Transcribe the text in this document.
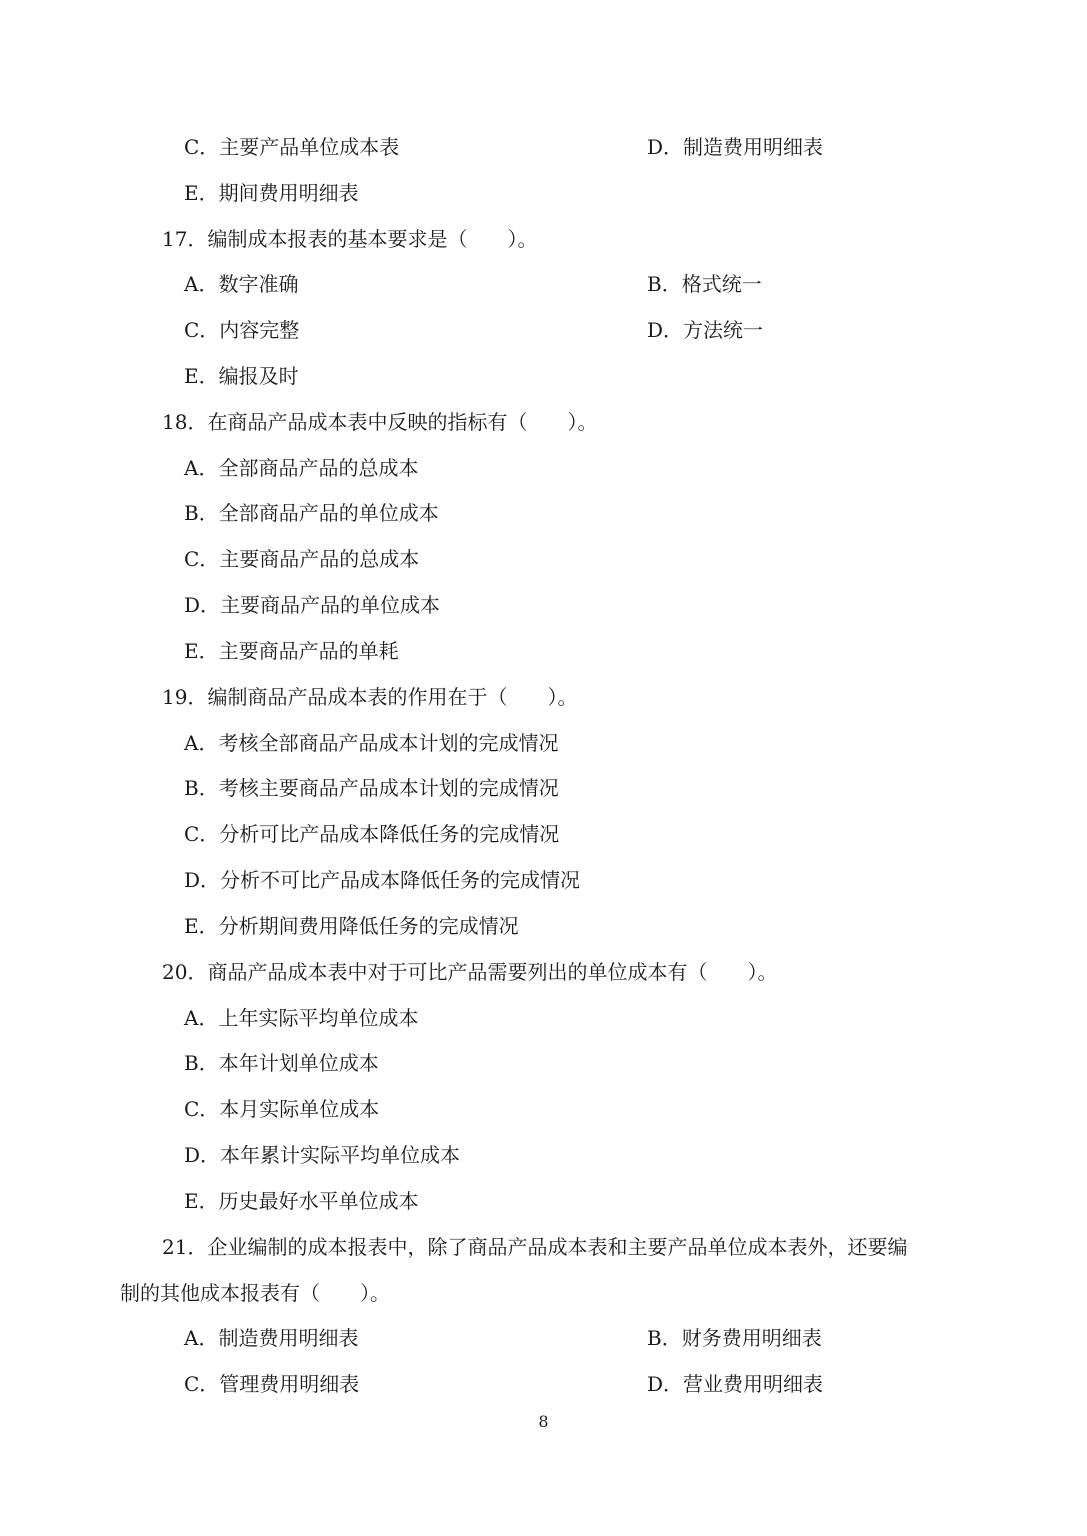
C．主要产品单位成本表	D．制造费用明细表
E．期间费用明细表
17．编制成本报表的基本要求是（　　）。
A．数字准确	B．格式统一
C．内容完整	D．方法统一
E．编报及时
18．在商品产品成本表中反映的指标有（　　）。
A．全部商品产品的总成本
B．全部商品产品的单位成本
C．主要商品产品的总成本
D．主要商品产品的单位成本
E．主要商品产品的单耗
19．编制商品产品成本表的作用在于（　　）。
A．考核全部商品产品成本计划的完成情况
B．考核主要商品产品成本计划的完成情况
C．分析可比产品成本降低任务的完成情况
D．分析不可比产品成本降低任务的完成情况
E．分析期间费用降低任务的完成情况
20．商品产品成本表中对于可比产品需要列出的单位成本有（　　）。
A．上年实际平均单位成本
B．本年计划单位成本
C．本月实际单位成本
D．本年累计实际平均单位成本
E．历史最好水平单位成本
21．企业编制的成本报表中，除了商品产品成本表和主要产品单位成本表外，还要编
制的其他成本报表有（　　）。
A．制造费用明细表	B．财务费用明细表
C．管理费用明细表	D．营业费用明细表
8
